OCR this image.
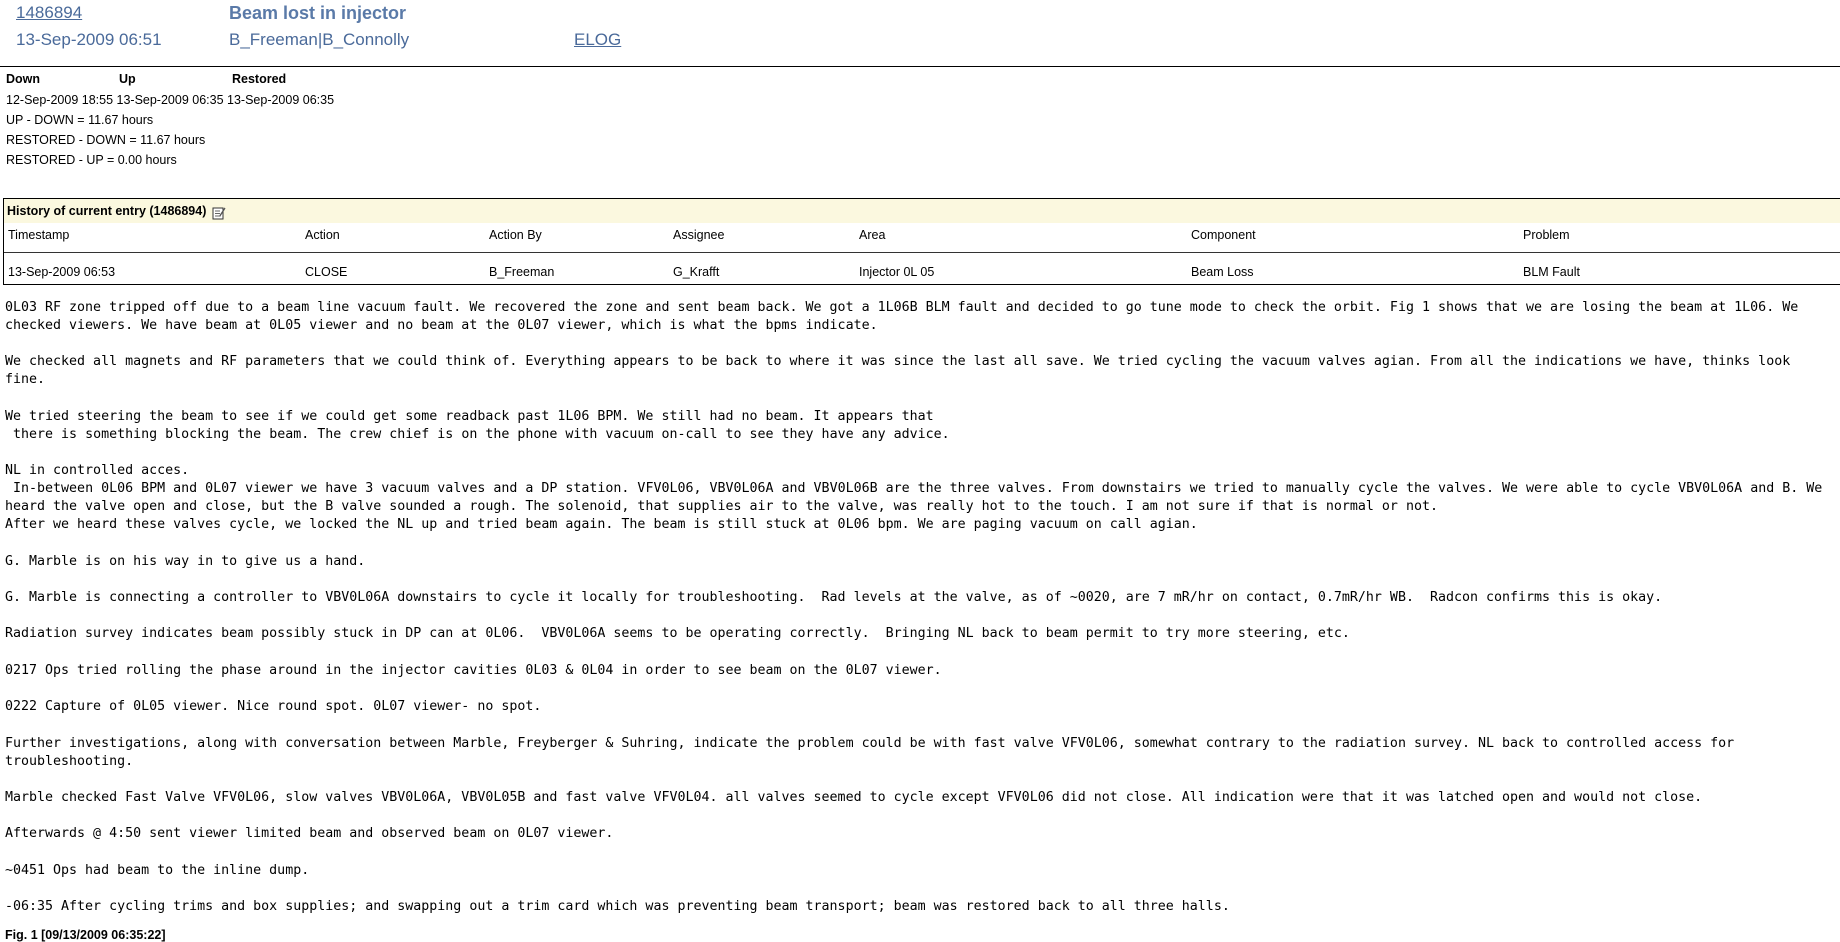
1486894	Beam lost in injector
13-Sep-2009 06:51	B_Freeman|B_Connolly	ELOG
Down	Up	Restored
12-Sep-2009 18:55 13-Sep-2009 06:35 13-Sep-2009 06:35
UP - DOWN = 11.67 hours
RESTORED - DOWN = 11.67 hours
RESTORED - UP = 0.00 hours
History of current entry (1486894)
Timestamp	Action	Action By	Assignee	Area	Component	Problem
13-Sep-2009 06:53	CLOSE	B_Freeman	G_Krafft	Injector 0L 05	Beam Loss	BLM Fault

0L03 RF zone tripped off due to a beam line vacuum fault. We recovered the zone and sent beam back. We got a 1L06B BLM fault and decided to go tune mode to check the orbit. Fig 1 shows that we are losing the beam at 1L06. We checked viewers. We have beam at 0L05 viewer and no beam at the 0L07 viewer, which is what the bpms indicate.

We checked all magnets and RF parameters that we could think of. Everything appears to be back to where it was since the last all save. We tried cycling the vacuum valves agian. From all the indications we have, thinks look fine.

We tried steering the beam to see if we could get some readback past 1L06 BPM. We still had no beam. It appears that
there is something blocking the beam. The crew chief is on the phone with vacuum on-call to see they have any advice.

NL in controlled acces.
In-between 0L06 BPM and 0L07 viewer we have 3 vacuum valves and a DP station. VFV0L06, VBV0L06A and VBV0L06B are the three valves. From downstairs we tried to manually cycle the valves. We were able to cycle VBV0L06A and B. We heard the valve open and close, but the B valve sounded a rough. The solenoid, that supplies air to the valve, was really hot to the touch. I am not sure if that is normal or not.
After we heard these valves cycle, we locked the NL up and tried beam again. The beam is still stuck at 0L06 bpm. We are paging vacuum on call agian.

G. Marble is on his way in to give us a hand.

G. Marble is connecting a controller to VBV0L06A downstairs to cycle it locally for troubleshooting.  Rad levels at the valve, as of ~0020, are 7 mR/hr on contact, 0.7mR/hr WB.  Radcon confirms this is okay.

Radiation survey indicates beam possibly stuck in DP can at 0L06.  VBV0L06A seems to be operating correctly.  Bringing NL back to beam permit to try more steering, etc.

0217 Ops tried rolling the phase around in the injector cavities 0L03 & 0L04 in order to see beam on the 0L07 viewer.

0222 Capture of 0L05 viewer. Nice round spot. 0L07 viewer- no spot.

Further investigations, along with conversation between Marble, Freyberger & Suhring, indicate the problem could be with fast valve VFV0L06, somewhat contrary to the radiation survey. NL back to controlled access for troubleshooting.

Marble checked Fast Valve VFV0L06, slow valves VBV0L06A, VBV0L05B and fast valve VFV0L04. all valves seemed to cycle except VFV0L06 did not close. All indication were that it was latched open and would not close.

Afterwards @ 4:50 sent viewer limited beam and observed beam on 0L07 viewer.

~0451 Ops had beam to the inline dump.

-06:35 After cycling trims and box supplies; and swapping out a trim card which was preventing beam transport; beam was restored back to all three halls.

Fig. 1 [09/13/2009 06:35:22]
